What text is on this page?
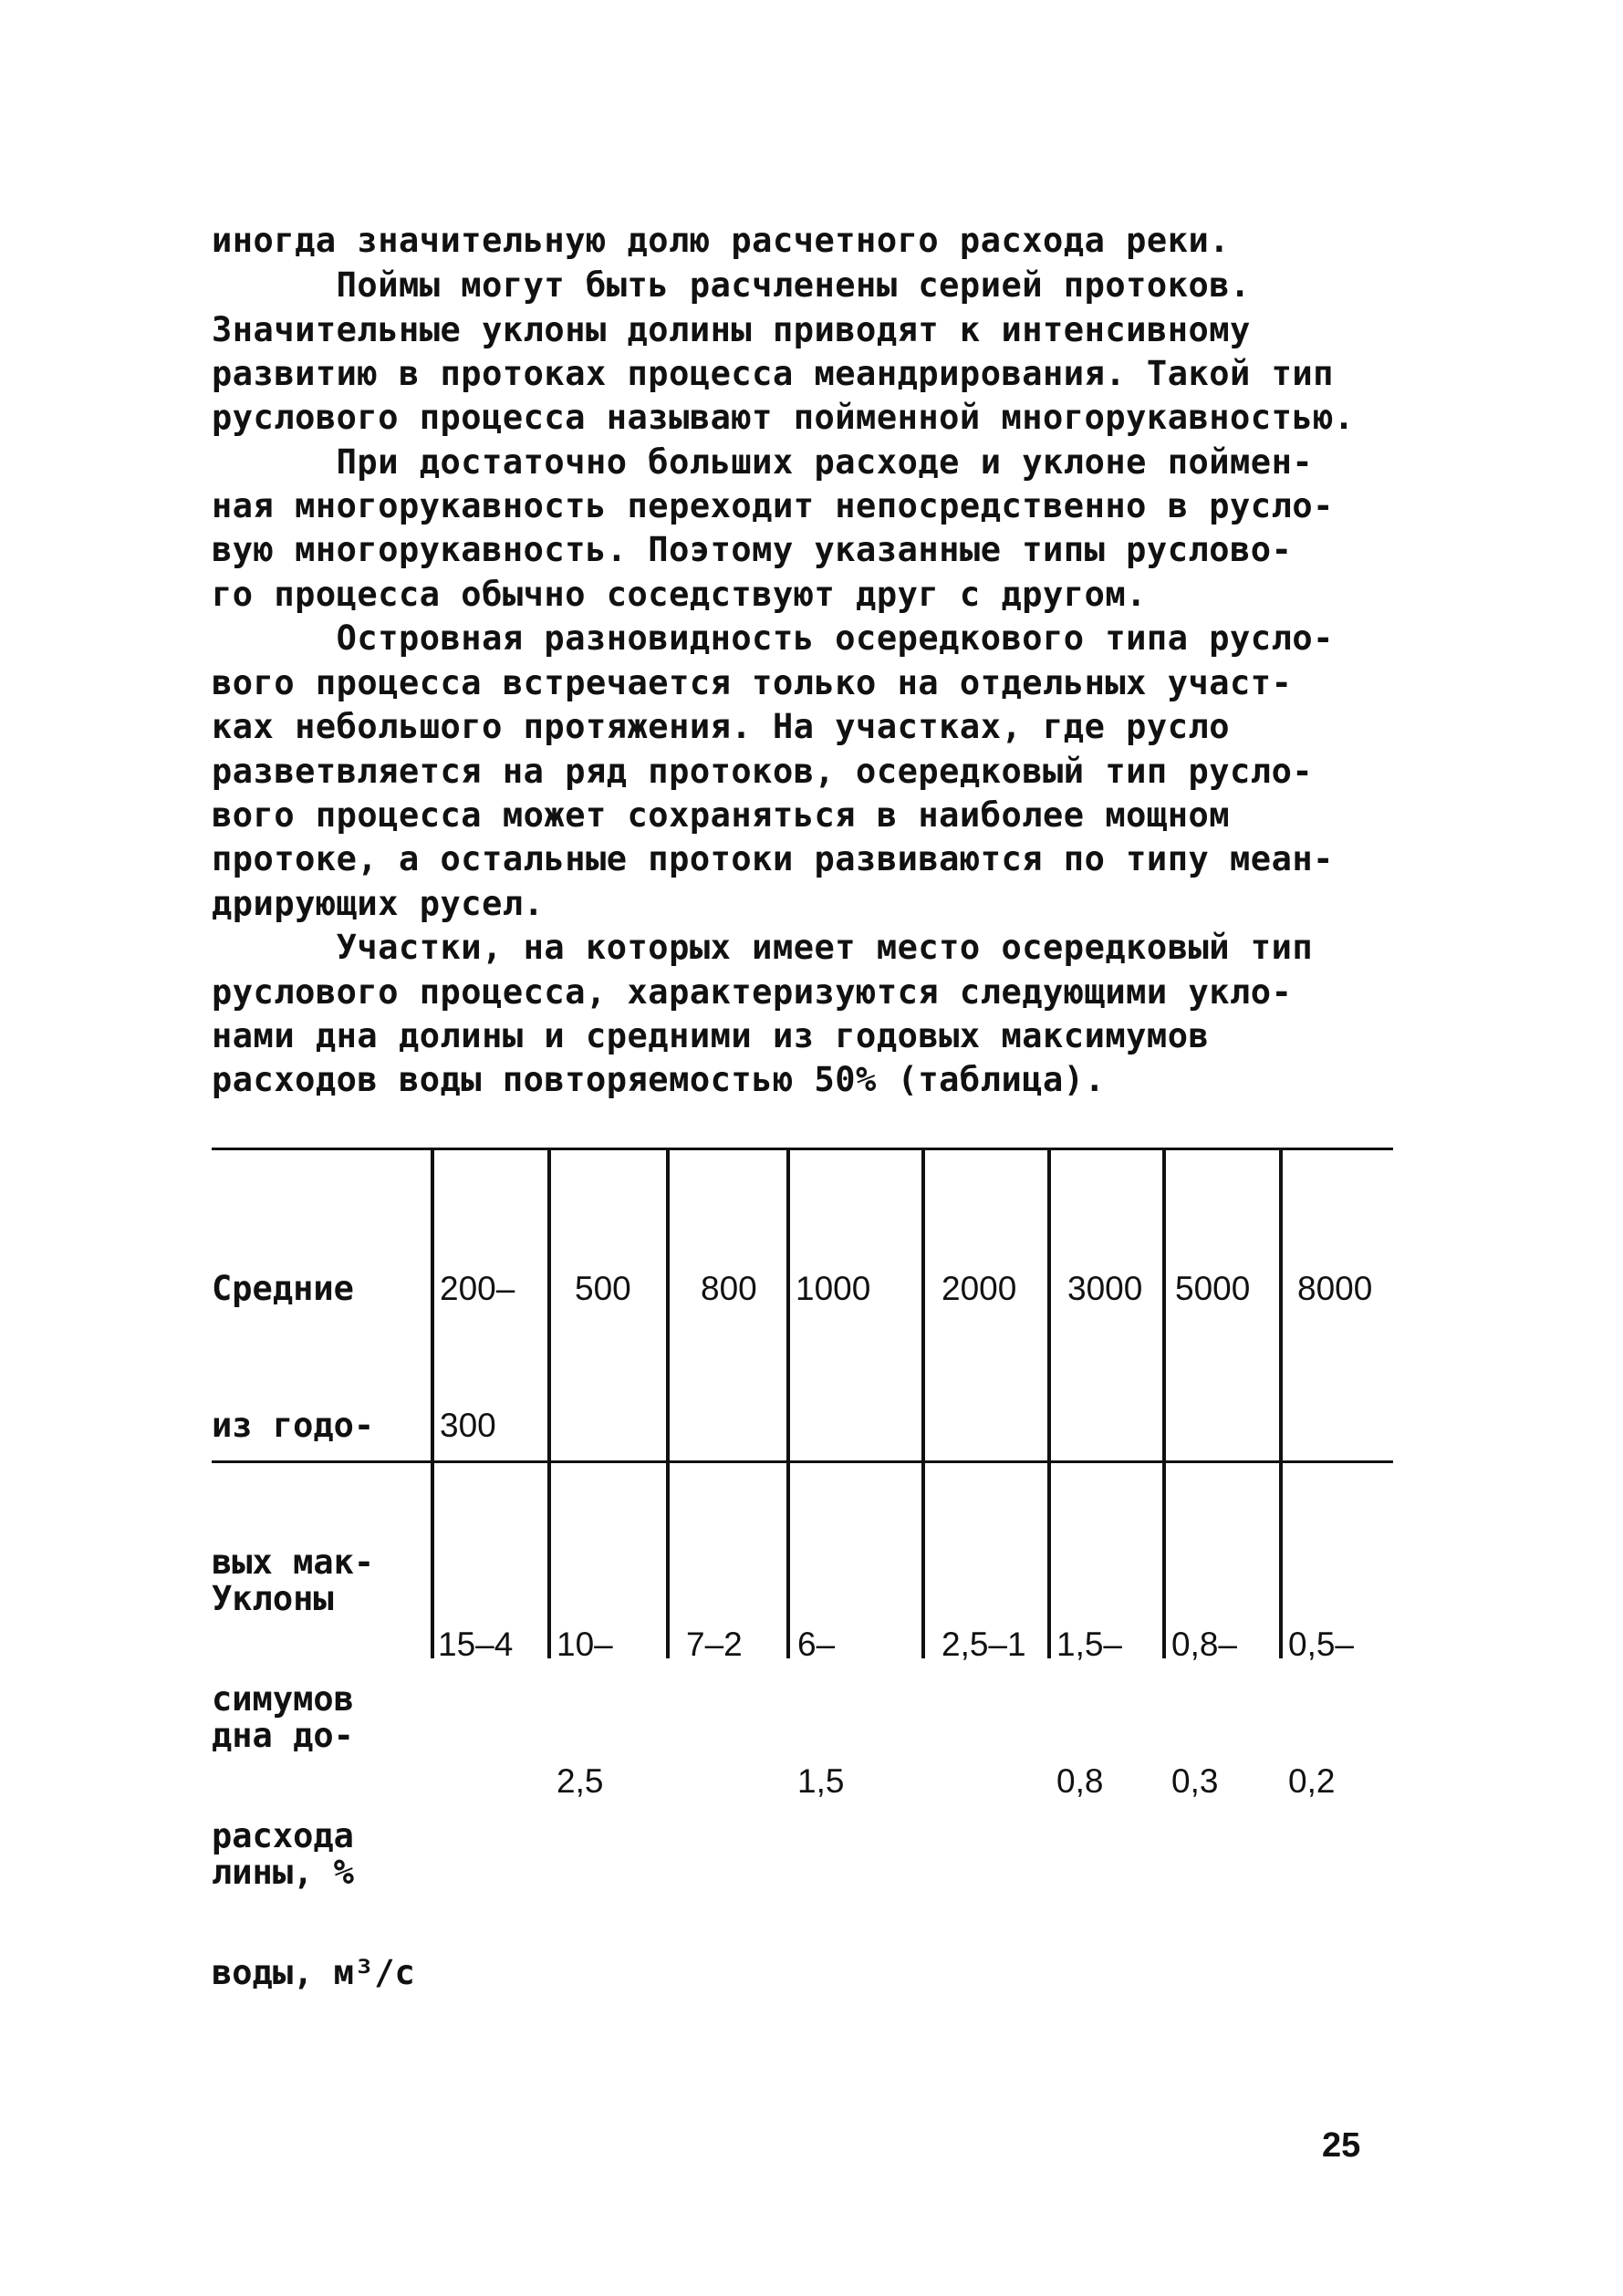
иногда значительную долю расчетного расхода реки.
Поймы могут быть расчленены серией протоков.
Значительные уклоны долины приводят к интенсивному
развитию в протоках процесса меандрирования. Такой тип
руслового процесса называют пойменной многорукавностью.
При достаточно больших расходе и уклоне поймен-
ная многорукавность переходит непосредственно в русло-
вую многорукавность. Поэтому указанные типы руслово-
го процесса обычно соседствуют друг с другом.
Островная разновидность осередкового типа русло-
вого процесса встречается только на отдельных участ-
ках небольшого протяжения. На участках, где русло
разветвляется на ряд протоков, осередковый тип русло-
вого процесса может сохраняться в наиболее мощном
протоке, а остальные протоки развиваются по типу меан-
дрирующих русел.
Участки, на которых имеет место осередковый тип
руслового процесса, характеризуются следующими укло-
нами дна долины и средними из годовых максимумов
расходов воды повторяемостью 50% (таблица).

Средние

из годо-

вых мак-

симумов

расхода

воды, м³/с

200–

300

500

800

1000

2000

3000

5000

8000

Уклоны

дна до-

лины, %

15–4

10–

2,5

7–2

6–

1,5

2,5–1

1,5–

0,8

0,8–

0,3

0,5–

0,2

25
